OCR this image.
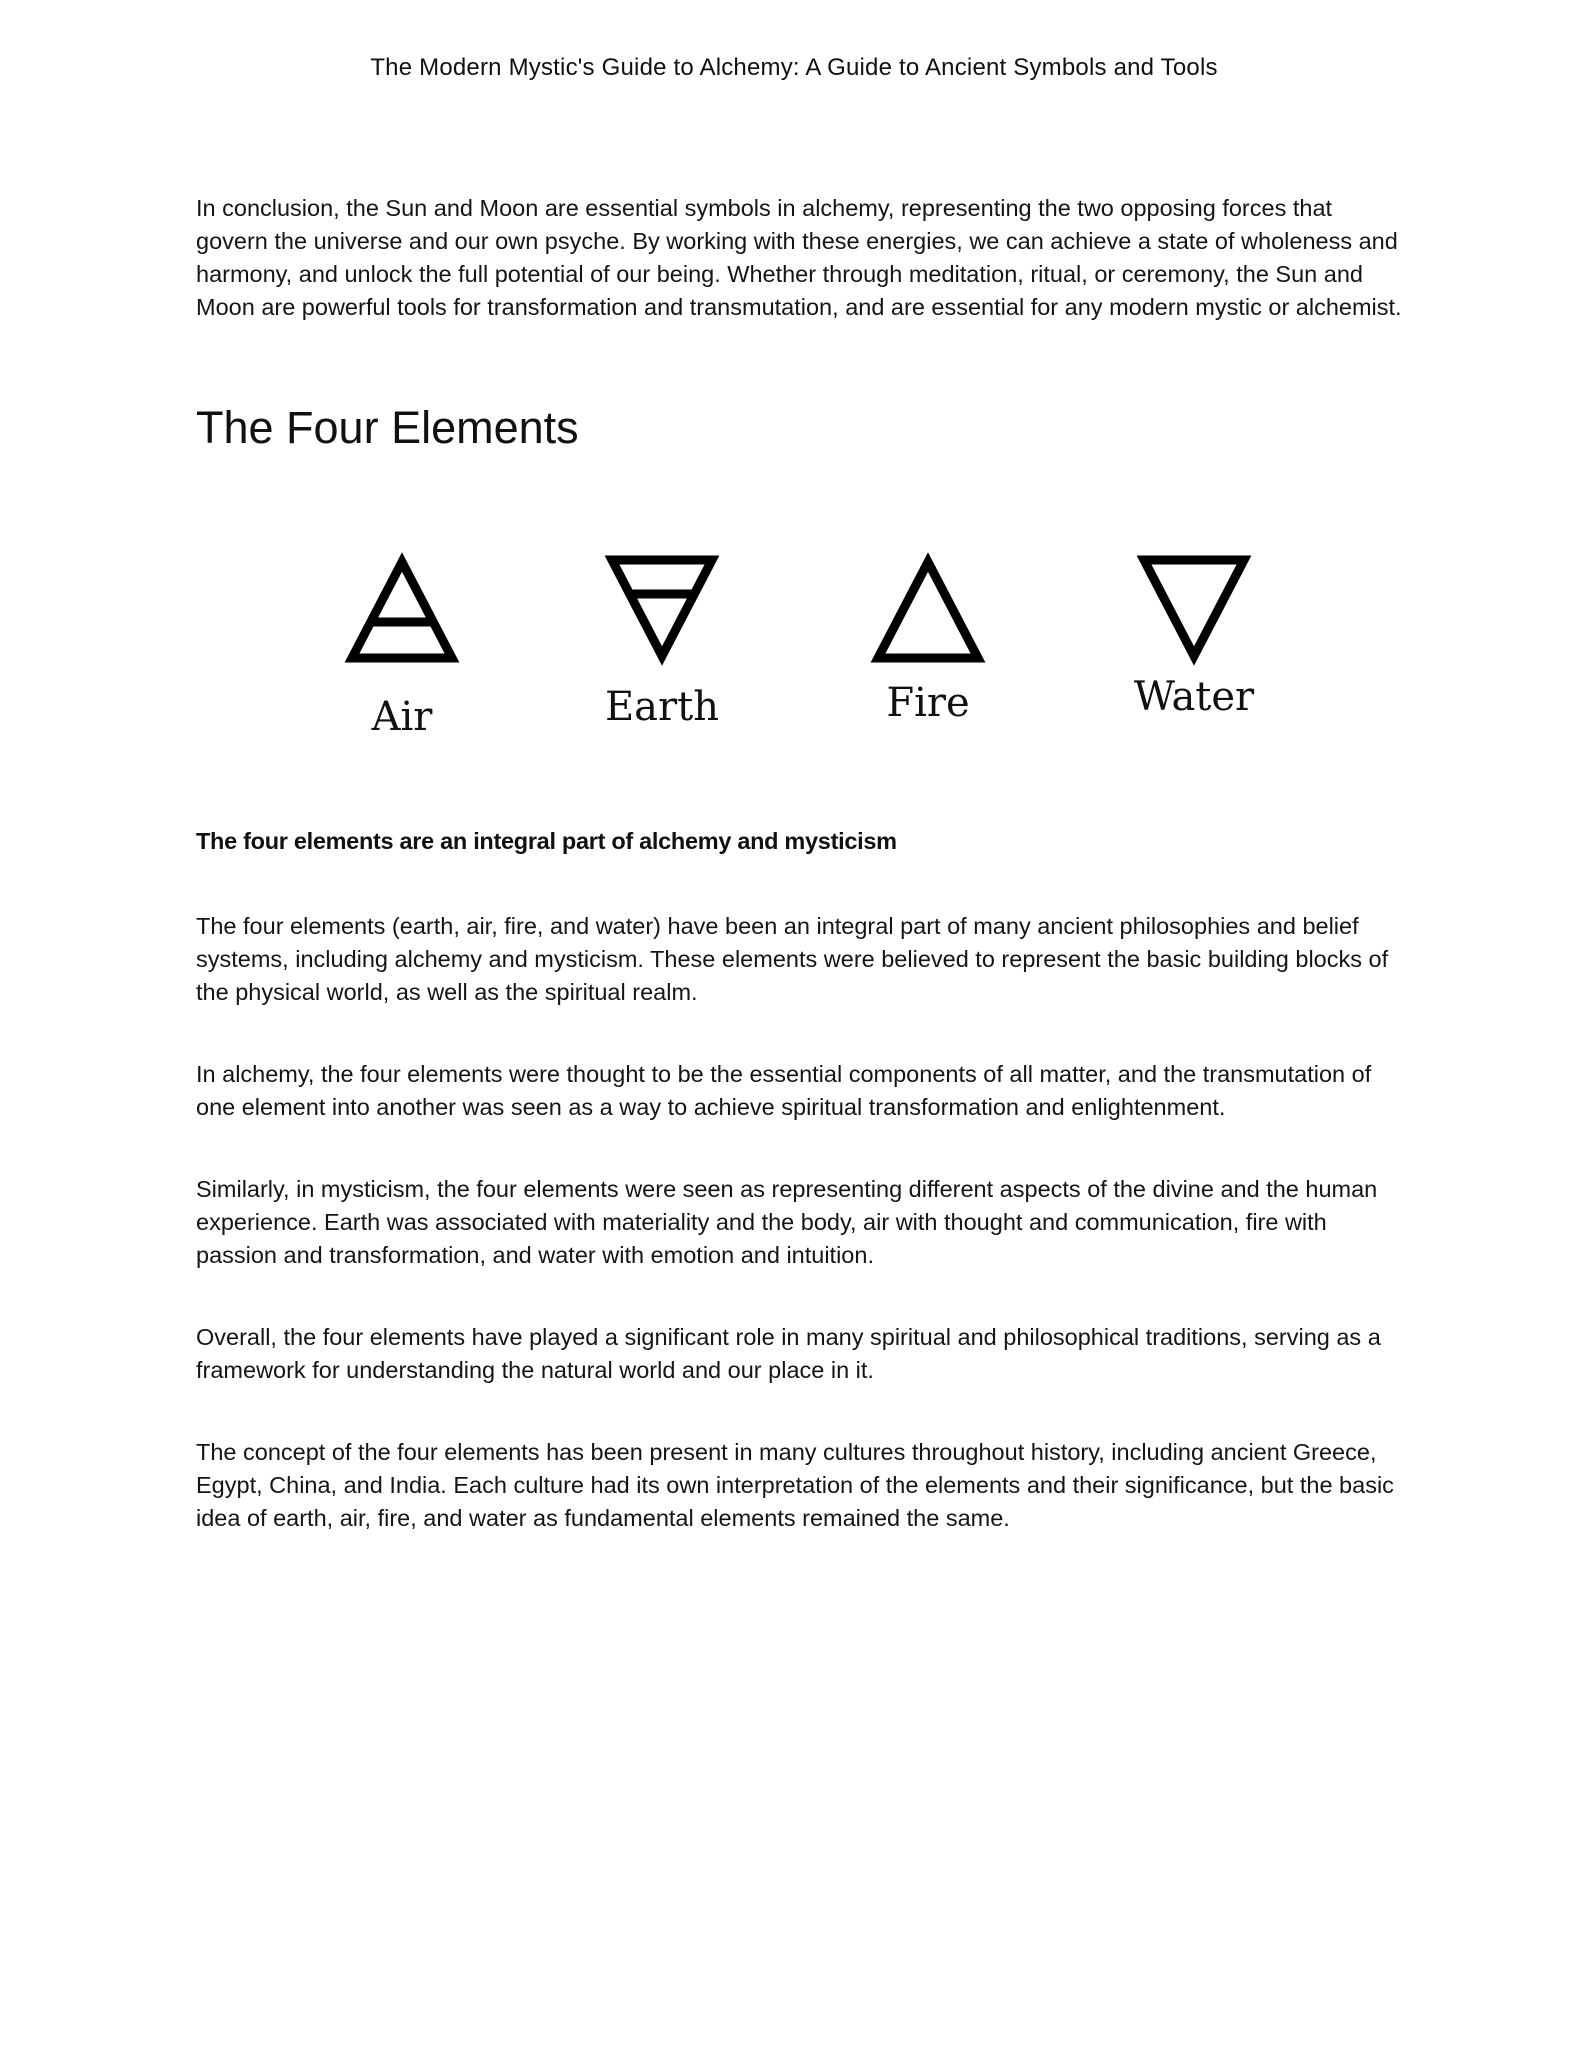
The Modern Mystic's Guide to Alchemy: A Guide to Ancient Symbols and Tools

In conclusion, the Sun and Moon are essential symbols in alchemy, representing the two opposing forces that govern the universe and our own psyche. By working with these energies, we can achieve a state of wholeness and harmony, and unlock the full potential of our being. Whether through meditation, ritual, or ceremony, the Sun and Moon are powerful tools for transformation and transmutation, and are essential for any modern mystic or alchemist.

The Four Elements
Air	Earth	Fire	Water
The four elements are an integral part of alchemy and mysticism

The four elements (earth, air, fire, and water) have been an integral part of many ancient philosophies and belief systems, including alchemy and mysticism. These elements were believed to represent the basic building blocks of the physical world, as well as the spiritual realm.

In alchemy, the four elements were thought to be the essential components of all matter, and the transmutation of one element into another was seen as a way to achieve spiritual transformation and enlightenment.

Similarly, in mysticism, the four elements were seen as representing different aspects of the divine and the human experience. Earth was associated with materiality and the body, air with thought and communication, fire with passion and transformation, and water with emotion and intuition.

Overall, the four elements have played a significant role in many spiritual and philosophical traditions, serving as a framework for understanding the natural world and our place in it.

The concept of the four elements has been present in many cultures throughout history, including ancient Greece, Egypt, China, and India. Each culture had its own interpretation of the elements and their significance, but the basic idea of earth, air, fire, and water as fundamental elements remained the same.
